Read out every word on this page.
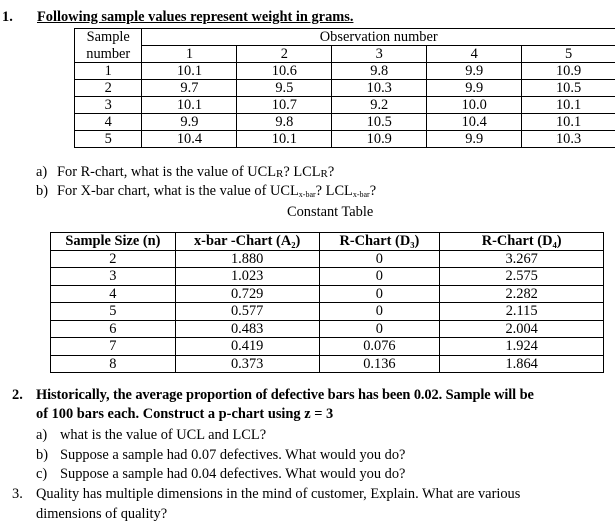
1. Following sample values represent weight in grams.
Sample	Observation number				
number	1	2	3	4	5
1	10.1	10.6	9.8	9.9	10.9
2	9.7	9.5	10.3	9.9	10.5
3	10.1	10.7	9.2	10.0	10.1
4	9.9	9.8	10.5	10.4	10.1
5	10.4	10.1	10.9	9.9	10.3
a) For R-chart, what is the value of $UCL_R$? $LCL_R$?
b) For X-bar chart, what is the value of $UCL_{x-bar}$? $LCL_{x-bar}$?
Constant Table
Sample Size (n)	x-bar -Chart (A₂)	R-Chart (D₃)	R-Chart (D₄)
2	1.880	0	3.267
3	1.023	0	2.575
4	0.729	0	2.282
5	0.577	0	2.115
6	0.483	0	2.004
7	0.419	0.076	1.924
8	0.373	0.136	1.864
2. Historically, the average proportion of defective bars has been 0.02. Sample will be
of 100 bars each. Construct a p-chart using z = 3
a) what is the value of UCL and LCL?
b) Suppose a sample had 0.07 defectives. What would you do?
c) Suppose a sample had 0.04 defectives. What would you do?
3. Quality has multiple dimensions in the mind of customer, Explain. What are various
dimensions of quality?
